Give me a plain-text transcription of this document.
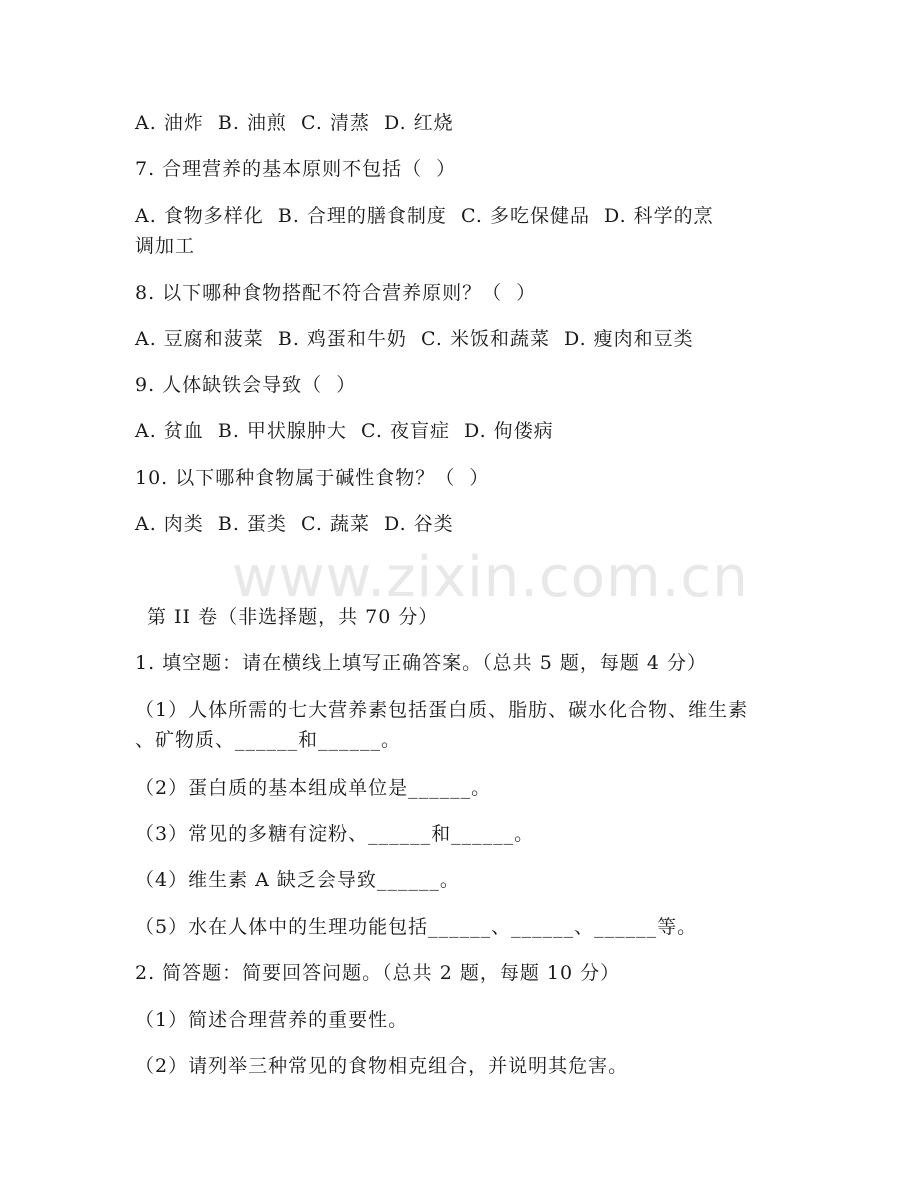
A. 油炸  B. 油煎  C. 清蒸  D. 红烧
7. 合理营养的基本原则不包括（  ）
A. 食物多样化  B. 合理的膳食制度  C. 多吃保健品  D. 科学的烹
调加工
8. 以下哪种食物搭配不符合营养原则？（  ）
A. 豆腐和菠菜  B. 鸡蛋和牛奶  C. 米饭和蔬菜  D. 瘦肉和豆类
9. 人体缺铁会导致（  ）
A. 贫血  B. 甲状腺肿大  C. 夜盲症  D. 佝偻病
10. 以下哪种食物属于碱性食物？（  ）
A. 肉类  B. 蛋类  C. 蔬菜  D. 谷类
www.zixin.com.cn
第 II 卷（非选择题，共 70 分）
1. 填空题：请在横线上填写正确答案。（总共 5 题，每题 4 分）
（1）人体所需的七大营养素包括蛋白质、脂肪、碳水化合物、维生素
、矿物质、______和______。
（2）蛋白质的基本组成单位是______。
（3）常见的多糖有淀粉、______和______。
（4）维生素 A 缺乏会导致______。
（5）水在人体中的生理功能包括______、______、______等。
2. 简答题：简要回答问题。（总共 2 题，每题 10 分）
（1）简述合理营养的重要性。
（2）请列举三种常见的食物相克组合，并说明其危害。
